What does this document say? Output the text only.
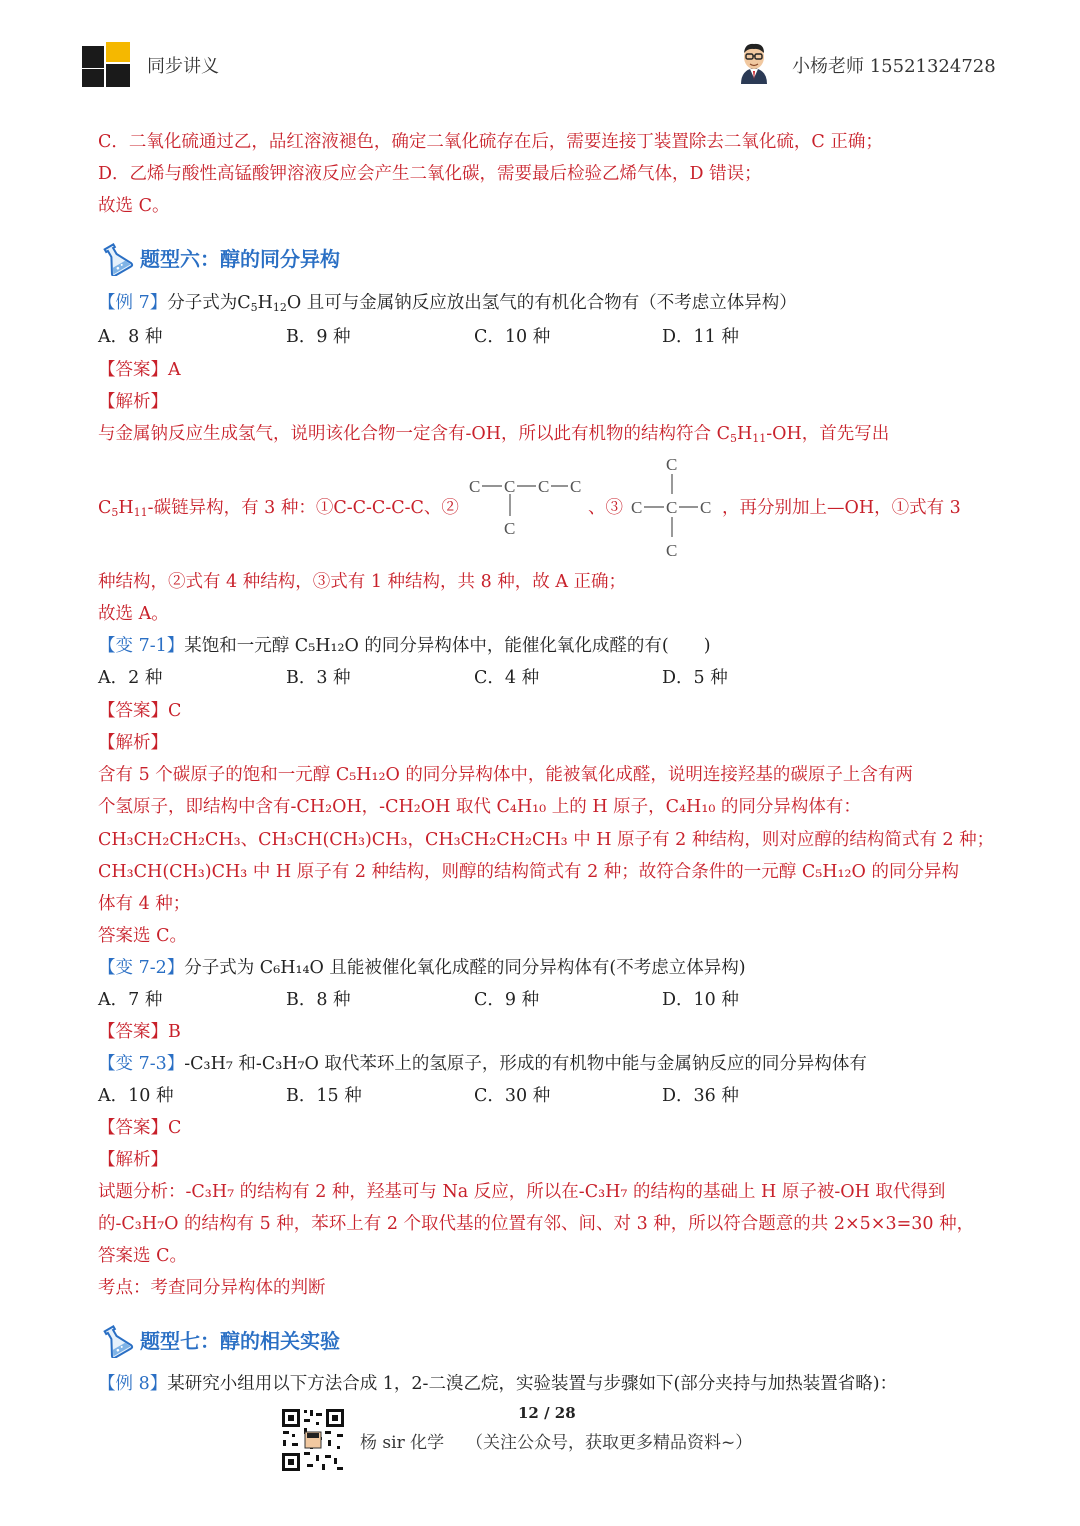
同步讲义	小杨老师 15521324728
C．二氧化硫通过乙，品红溶液褪色，确定二氧化硫存在后，需要连接丁装置除去二氧化硫，C 正确；
D．乙烯与酸性高锰酸钾溶液反应会产生二氧化碳，需要最后检验乙烯气体，D 错误；
故选 C。
题型六：醇的同分异构
【例 7】分子式为$C_5H_{12}O$ 且可与金属钠反应放出氢气的有机化合物有（不考虑立体异构）
A．8 种	B．9 种	C．10 种	D．11 种
【答案】A
【解析】
与金属钠反应生成氢气，说明该化合物一定含有-OH，所以此有机物的结构符合 $C_5H_{11}-OH$，首先写出
$C_5H_{11}-$碳链异构，有 3 种：①C-C-C-C-C、②
C C C C
C
、③
C
C C C
C
，再分别加上—OH，①式有 3
种结构，②式有 4 种结构，③式有 1 种结构，共 8 种，故 A 正确；
故选 A。
【变 7-1】某饱和一元醇 C₅H₁₂O 的同分异构体中，能催化氧化成醛的有(　　)
A．2 种	B．3 种	C．4 种	D．5 种
【答案】C
【解析】
含有 5 个碳原子的饱和一元醇 C₅H₁₂O 的同分异构体中，能被氧化成醛，说明连接羟基的碳原子上含有两
个氢原子，即结构中含有-CH₂OH，-CH₂OH 取代 C₄H₁₀ 上的 H 原子，C₄H₁₀ 的同分异构体有：
CH₃CH₂CH₂CH₃、CH₃CH(CH₃)CH₃，CH₃CH₂CH₂CH₃ 中 H 原子有 2 种结构，则对应醇的结构简式有 2 种；
CH₃CH(CH₃)CH₃ 中 H 原子有 2 种结构，则醇的结构简式有 2 种；故符合条件的一元醇 C₅H₁₂O 的同分异构
体有 4 种；
答案选 C。
【变 7-2】分子式为 C₆H₁₄O 且能被催化氧化成醛的同分异构体有(不考虑立体异构)
A．7 种	B．8 种	C．9 种	D．10 种
【答案】B
【变 7-3】-C₃H₇ 和-C₃H₇O 取代苯环上的氢原子，形成的有机物中能与金属钠反应的同分异构体有
A．10 种	B．15 种	C．30 种	D．36 种
【答案】C
【解析】
试题分析：-C₃H₇ 的结构有 2 种，羟基可与 Na 反应，所以在-C₃H₇ 的结构的基础上 H 原子被-OH 取代得到
的-C₃H₇O 的结构有 5 种，苯环上有 2 个取代基的位置有邻、间、对 3 种，所以符合题意的共 2×5×3=30 种，
答案选 C。
考点：考查同分异构体的判断
题型七：醇的相关实验
【例 8】某研究小组用以下方法合成 1，2-二溴乙烷，实验装置与步骤如下(部分夹持与加热装置省略)：
12 / 28
杨 sir 化学 （关注公众号，获取更多精品资料~）
